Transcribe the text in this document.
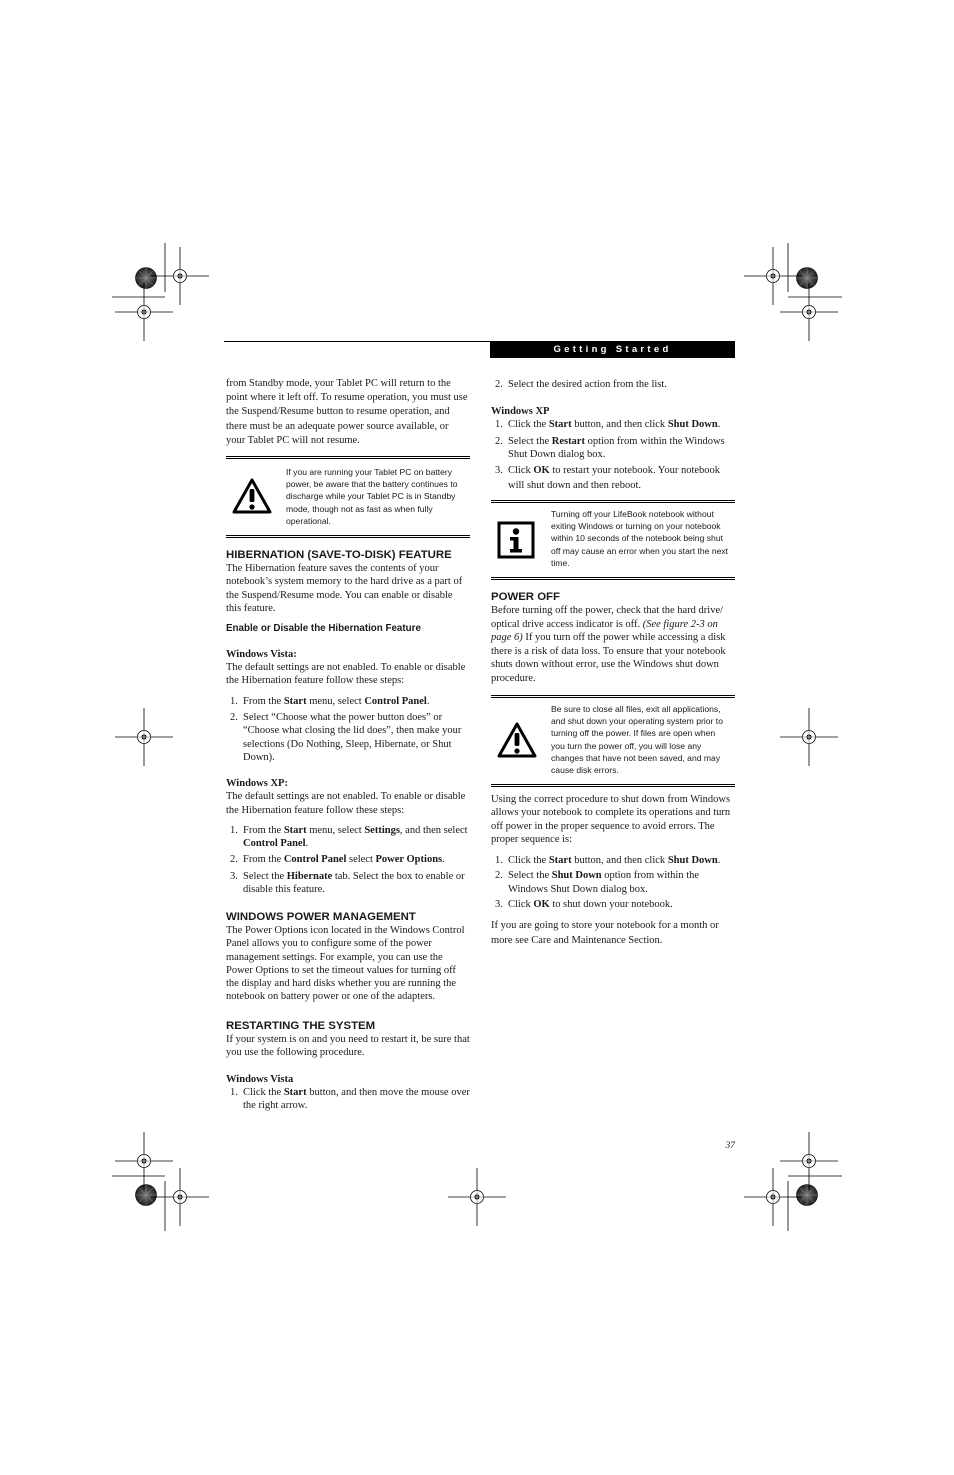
Getting Started

from Standby mode, your Tablet PC will return to the point where it left off. To resume operation, you must use the Suspend/Resume button to resume operation, and there must be an adequate power source available, or your Tablet PC will not resume.

If you are running your Tablet PC on battery power, be aware that the battery continues to discharge while your Tablet PC is in Standby mode, though not as fast as when fully operational.

HIBERNATION (SAVE-TO-DISK) FEATURE

The Hibernation feature saves the contents of your notebook’s system memory to the hard drive as a part of the Suspend/Resume mode. You can enable or disable this feature.

Enable or Disable the Hibernation Feature

Windows Vista:

The default settings are not enabled. To enable or disable the Hibernation feature follow these steps:

1. From the Start menu, select Control Panel.
2. Select “Choose what the power button does” or “Choose what closing the lid does”, then make your selections (Do Nothing, Sleep, Hibernate, or Shut Down).

Windows XP:

The default settings are not enabled. To enable or disable the Hibernation feature follow these steps:

1. From the Start menu, select Settings, and then select Control Panel.
2. From the Control Panel select Power Options.
3. Select the Hibernate tab. Select the box to enable or disable this feature.

WINDOWS POWER MANAGEMENT

The Power Options icon located in the Windows Control Panel allows you to configure some of the power management settings. For example, you can use the Power Options to set the timeout values for turning off the display and hard disks whether you are running the notebook on battery power or one of the adapters.

RESTARTING THE SYSTEM

If your system is on and you need to restart it, be sure that you use the following procedure.

Windows Vista

1. Click the Start button, and then move the mouse over the right arrow.
2. Select the desired action from the list.

Windows XP

1. Click the Start button, and then click Shut Down.
2. Select the Restart option from within the Windows Shut Down dialog box.
3. Click OK to restart your notebook. Your notebook will shut down and then reboot.
Turning off your LifeBook notebook without exiting Windows or turning on your notebook within 10 seconds of the notebook being shut off may cause an error when you start the next time.

POWER OFF

Before turning off the power, check that the hard drive/ optical drive access indicator is off. (See figure 2-3 on page 6) If you turn off the power while accessing a disk there is a risk of data loss. To ensure that your notebook shuts down without error, use the Windows shut down procedure.

Be sure to close all files, exit all applications, and shut down your operating system prior to turning off the power. If files are open when you turn the power off, you will lose any changes that have not been saved, and may cause disk errors.

Using the correct procedure to shut down from Windows allows your notebook to complete its operations and turn off power in the proper sequence to avoid errors. The proper sequence is:

1. Click the Start button, and then click Shut Down.
2. Select the Shut Down option from within the Windows Shut Down dialog box.
3. Click OK to shut down your notebook.

If you are going to store your notebook for a month or more see Care and Maintenance Section.

37
